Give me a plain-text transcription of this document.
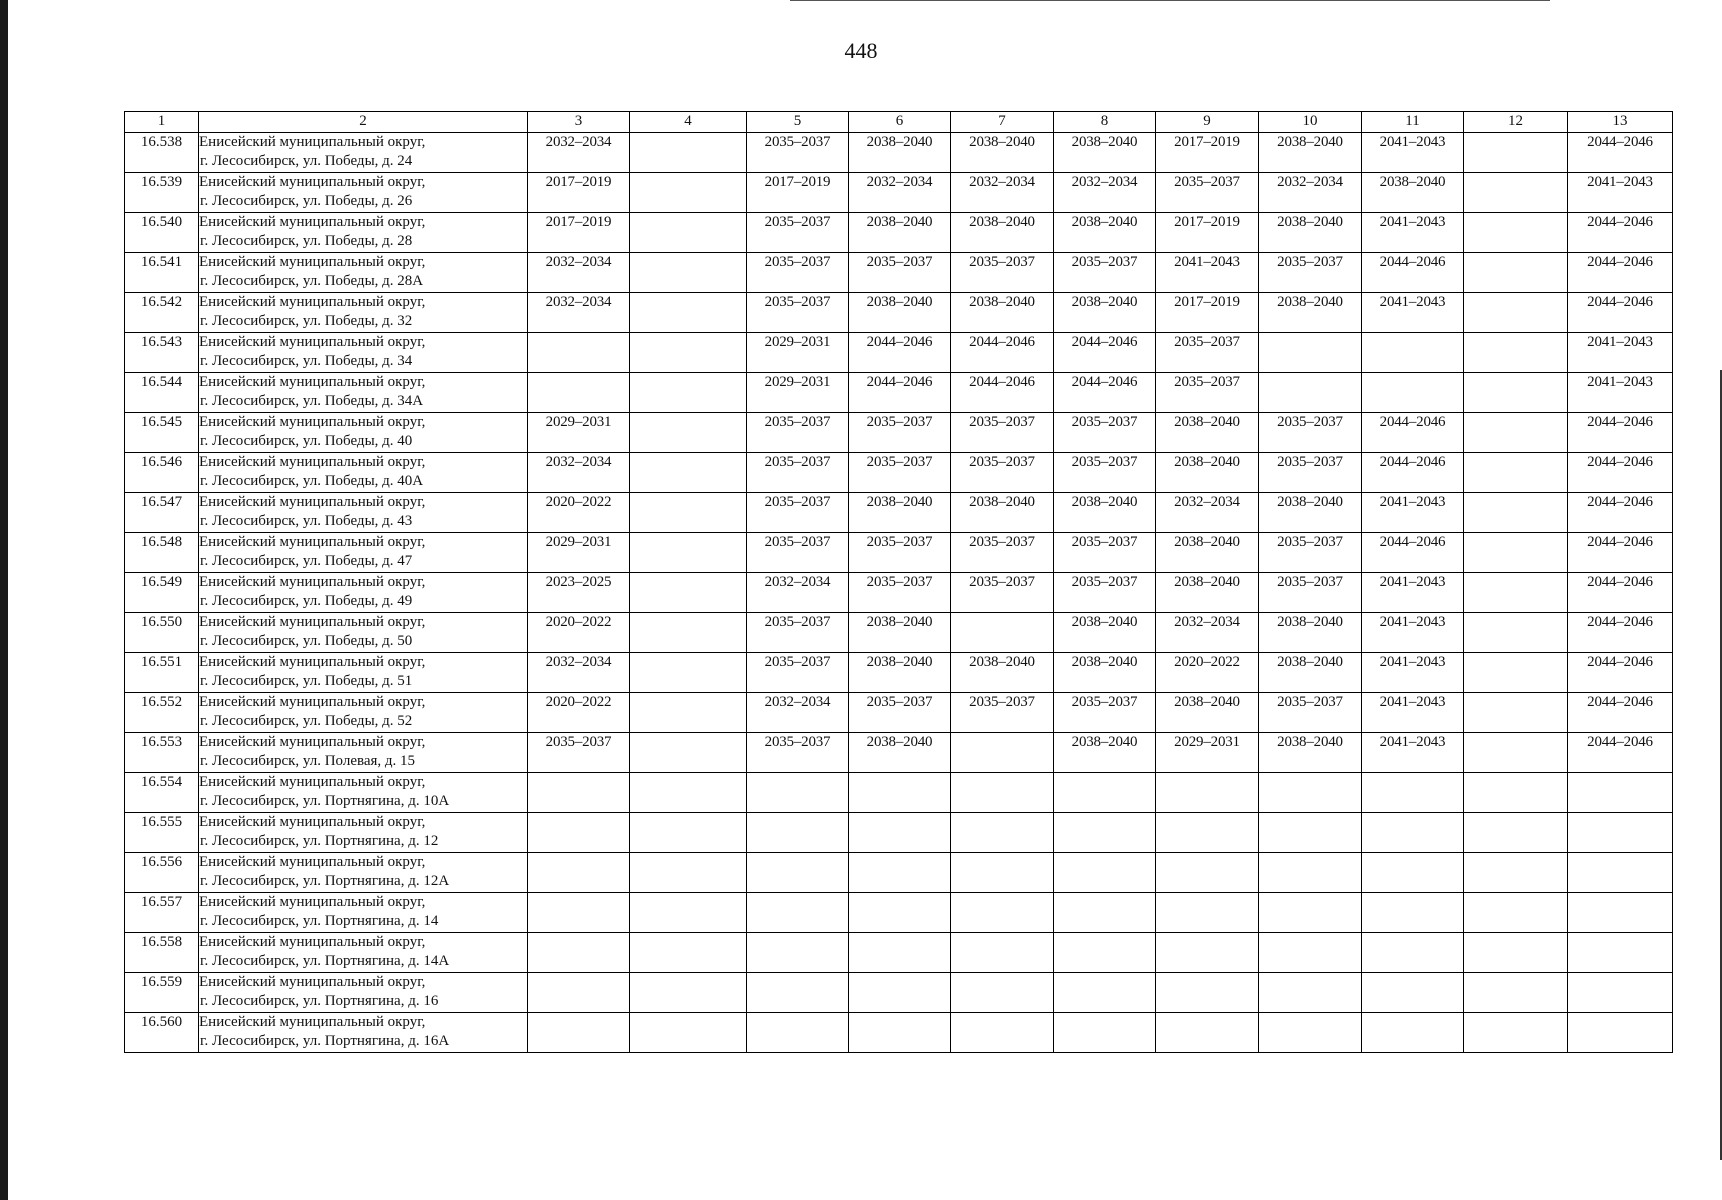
448
1	2	3	4	5	6	7	8	9	10	11	12	13
16.538	Енисейский муниципальный округ,
г. Лесосибирск, ул. Победы, д. 24	2032–2034		2035–2037	2038–2040	2038–2040	2038–2040	2017–2019	2038–2040	2041–2043		2044–2046
16.539	Енисейский муниципальный округ,
г. Лесосибирск, ул. Победы, д. 26	2017–2019		2017–2019	2032–2034	2032–2034	2032–2034	2035–2037	2032–2034	2038–2040		2041–2043
16.540	Енисейский муниципальный округ,
г. Лесосибирск, ул. Победы, д. 28	2017–2019		2035–2037	2038–2040	2038–2040	2038–2040	2017–2019	2038–2040	2041–2043		2044–2046
16.541	Енисейский муниципальный округ,
г. Лесосибирск, ул. Победы, д. 28А	2032–2034		2035–2037	2035–2037	2035–2037	2035–2037	2041–2043	2035–2037	2044–2046		2044–2046
16.542	Енисейский муниципальный округ,
г. Лесосибирск, ул. Победы, д. 32	2032–2034		2035–2037	2038–2040	2038–2040	2038–2040	2017–2019	2038–2040	2041–2043		2044–2046
16.543	Енисейский муниципальный округ,
г. Лесосибирск, ул. Победы, д. 34			2029–2031	2044–2046	2044–2046	2044–2046	2035–2037				2041–2043
16.544	Енисейский муниципальный округ,
г. Лесосибирск, ул. Победы, д. 34А			2029–2031	2044–2046	2044–2046	2044–2046	2035–2037				2041–2043
16.545	Енисейский муниципальный округ,
г. Лесосибирск, ул. Победы, д. 40	2029–2031		2035–2037	2035–2037	2035–2037	2035–2037	2038–2040	2035–2037	2044–2046		2044–2046
16.546	Енисейский муниципальный округ,
г. Лесосибирск, ул. Победы, д. 40А	2032–2034		2035–2037	2035–2037	2035–2037	2035–2037	2038–2040	2035–2037	2044–2046		2044–2046
16.547	Енисейский муниципальный округ,
г. Лесосибирск, ул. Победы, д. 43	2020–2022		2035–2037	2038–2040	2038–2040	2038–2040	2032–2034	2038–2040	2041–2043		2044–2046
16.548	Енисейский муниципальный округ,
г. Лесосибирск, ул. Победы, д. 47	2029–2031		2035–2037	2035–2037	2035–2037	2035–2037	2038–2040	2035–2037	2044–2046		2044–2046
16.549	Енисейский муниципальный округ,
г. Лесосибирск, ул. Победы, д. 49	2023–2025		2032–2034	2035–2037	2035–2037	2035–2037	2038–2040	2035–2037	2041–2043		2044–2046
16.550	Енисейский муниципальный округ,
г. Лесосибирск, ул. Победы, д. 50	2020–2022		2035–2037	2038–2040		2038–2040	2032–2034	2038–2040	2041–2043		2044–2046
16.551	Енисейский муниципальный округ,
г. Лесосибирск, ул. Победы, д. 51	2032–2034		2035–2037	2038–2040	2038–2040	2038–2040	2020–2022	2038–2040	2041–2043		2044–2046
16.552	Енисейский муниципальный округ,
г. Лесосибирск, ул. Победы, д. 52	2020–2022		2032–2034	2035–2037	2035–2037	2035–2037	2038–2040	2035–2037	2041–2043		2044–2046
16.553	Енисейский муниципальный округ,
г. Лесосибирск, ул. Полевая, д. 15	2035–2037		2035–2037	2038–2040		2038–2040	2029–2031	2038–2040	2041–2043		2044–2046
16.554	Енисейский муниципальный округ,
г. Лесосибирск, ул. Портнягина, д. 10А											

16.555	Енисейский муниципальный округ,
г. Лесосибирск, ул. Портнягина, д. 12											

16.556	Енисейский муниципальный округ,
г. Лесосибирск, ул. Портнягина, д. 12А											

16.557	Енисейский муниципальный округ,
г. Лесосибирск, ул. Портнягина, д. 14											

16.558	Енисейский муниципальный округ,
г. Лесосибирск, ул. Портнягина, д. 14А											

16.559	Енисейский муниципальный округ,
г. Лесосибирск, ул. Портнягина, д. 16											

16.560	Енисейский муниципальный округ,
г. Лесосибирск, ул. Портнягина, д. 16А											
